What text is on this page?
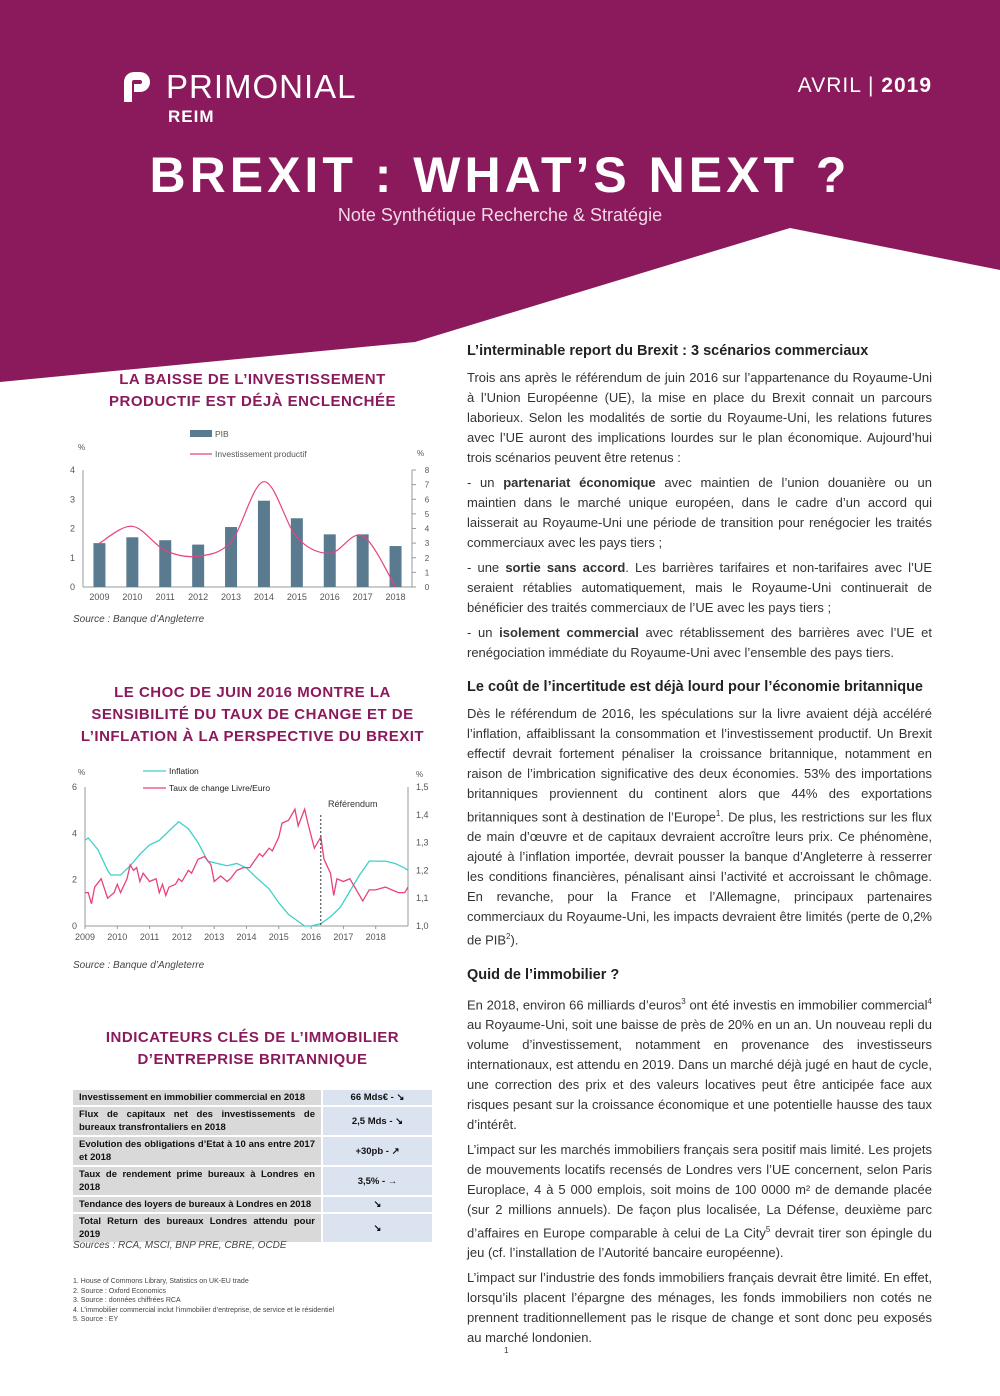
PRIMONIAL
REIM
AVRIL | 2019
BREXIT : WHAT’S NEXT ?
Note Synthétique Recherche & Stratégie
LA BAISSE DE L’INVESTISSEMENT
PRODUCTIF EST DÉJÀ ENCLENCHÉE
0
1
2
3
4
0
1
2
3
4
5
6
7
8
%
%
2009 2010 2011 2012 2013 2014 2015 2016 2017 2018
PIB
Investissement productif
Source : Banque d’Angleterre
LE CHOC DE JUIN 2016 MONTRE LA
SENSIBILITÉ DU TAUX DE CHANGE ET DE
L’INFLATION À LA PERSPECTIVE DU BREXIT
0
2
4
6
1,0
1,1
1,2
1,3
1,4
1,5
%	%
2009 2010 2011 2012 2013 2014 2015 2016 2017 2018
Référendum
Inflation
Taux de change Livre/Euro
Source : Banque d’Angleterre
INDICATEURS CLÉS DE L’IMMOBILIER
D’ENTREPRISE BRITANNIQUE
Investissement en immobilier commercial en 2018	66 Mds€ - ↘
Flux de capitaux net des investissements de bureaux transfrontaliers en 2018	2,5 Mds - ↘
Evolution des obligations d’Etat à 10 ans entre 2017 et 2018	+30pb - ↗
Taux de rendement prime bureaux à Londres en 2018	3,5% - →
Tendance des loyers de bureaux à Londres en 2018	↘
Total Return des bureaux Londres attendu pour 2019	↘
Sources : RCA, MSCI, BNP PRE, CBRE, OCDE
1. House of Commons Library, Statistics on UK-EU trade
2. Source : Oxford Economics
3. Source : données chiffrées RCA
4. L’immobilier commercial inclut l’immobilier d’entreprise, de service et le résidentiel
5. Source : EY
1
L’interminable report du Brexit : 3 scénarios commerciaux

Trois ans après le référendum de juin 2016 sur l’appartenance du Royaume-Uni à l’Union Européenne (UE), la mise en place du Brexit connait un parcours laborieux. Selon les modalités de sortie du Royaume-Uni, les relations futures avec l’UE auront des implications lourdes sur le plan économique. Aujourd’hui trois scénarios peuvent être retenus :

- un partenariat économique avec maintien de l’union douanière ou un maintien dans le marché unique européen, dans le cadre d’un accord qui laisserait au Royaume-Uni une période de transition pour renégocier les traités commerciaux avec les pays tiers ;

- une sortie sans accord. Les barrières tarifaires et non-tarifaires avec l’UE seraient rétablies automatiquement, mais le Royaume-Uni continuerait de bénéficier des traités commerciaux de l’UE avec les pays tiers ;

- un isolement commercial avec rétablissement des barrières avec l’UE et renégociation immédiate du Royaume-Uni avec l’ensemble des pays tiers.

Le coût de l’incertitude est déjà lourd pour l’économie britannique

Dès le référendum de 2016, les spéculations sur la livre avaient déjà accéléré l’inflation, affaiblissant la consommation et l’investissement productif. Un Brexit effectif devrait fortement pénaliser la croissance britannique, notamment en raison de l’imbrication significative des deux économies. 53% des importations britanniques proviennent du continent alors que 44% des exportations britanniques sont à destination de l’Europe$^1$. De plus, les restrictions sur les flux de main d’œuvre et de capitaux devraient accroître leurs prix. Ce phénomène, ajouté à l’inflation importée, devrait pousser la banque d’Angleterre à resserrer les conditions financières, pénalisant ainsi l’activité et accroissant le chômage. En revanche, pour la France et l’Allemagne, principaux partenaires commerciaux du Royaume-Uni, les impacts devraient être limités (perte de 0,2% de PIB$^2$).

Quid de l’immobilier ?

En 2018, environ 66 milliards d’euros$^3$ ont été investis en immobilier commercial$^4$ au Royaume-Uni, soit une baisse de près de 20% en un an. Un nouveau repli du volume d’investissement, notamment en provenance des investisseurs internationaux, est attendu en 2019. Dans un marché déjà jugé en haut de cycle, une correction des prix et des valeurs locatives peut être anticipée face aux risques pesant sur la croissance économique et une potentielle hausse des taux d’intérêt.

L’impact sur les marchés immobiliers français sera positif mais limité. Les projets de mouvements locatifs recensés de Londres vers l’UE concernent, selon Paris Europlace, 4 à 5 000 emplois, soit moins de 100 0000 m² de demande placée (sur 2 millions annuels). De façon plus localisée, La Défense, deuxième parc d’affaires en Europe comparable à celui de La City$^5$ devrait tirer son épingle du jeu (cf. l’installation de l’Autorité bancaire européenne).

L’impact sur l’industrie des fonds immobiliers français devrait être limité. En effet, lorsqu’ils placent l’épargne des ménages, les fonds immobiliers non cotés ne prennent traditionnellement pas le risque de change et sont donc peu exposés au marché londonien.
